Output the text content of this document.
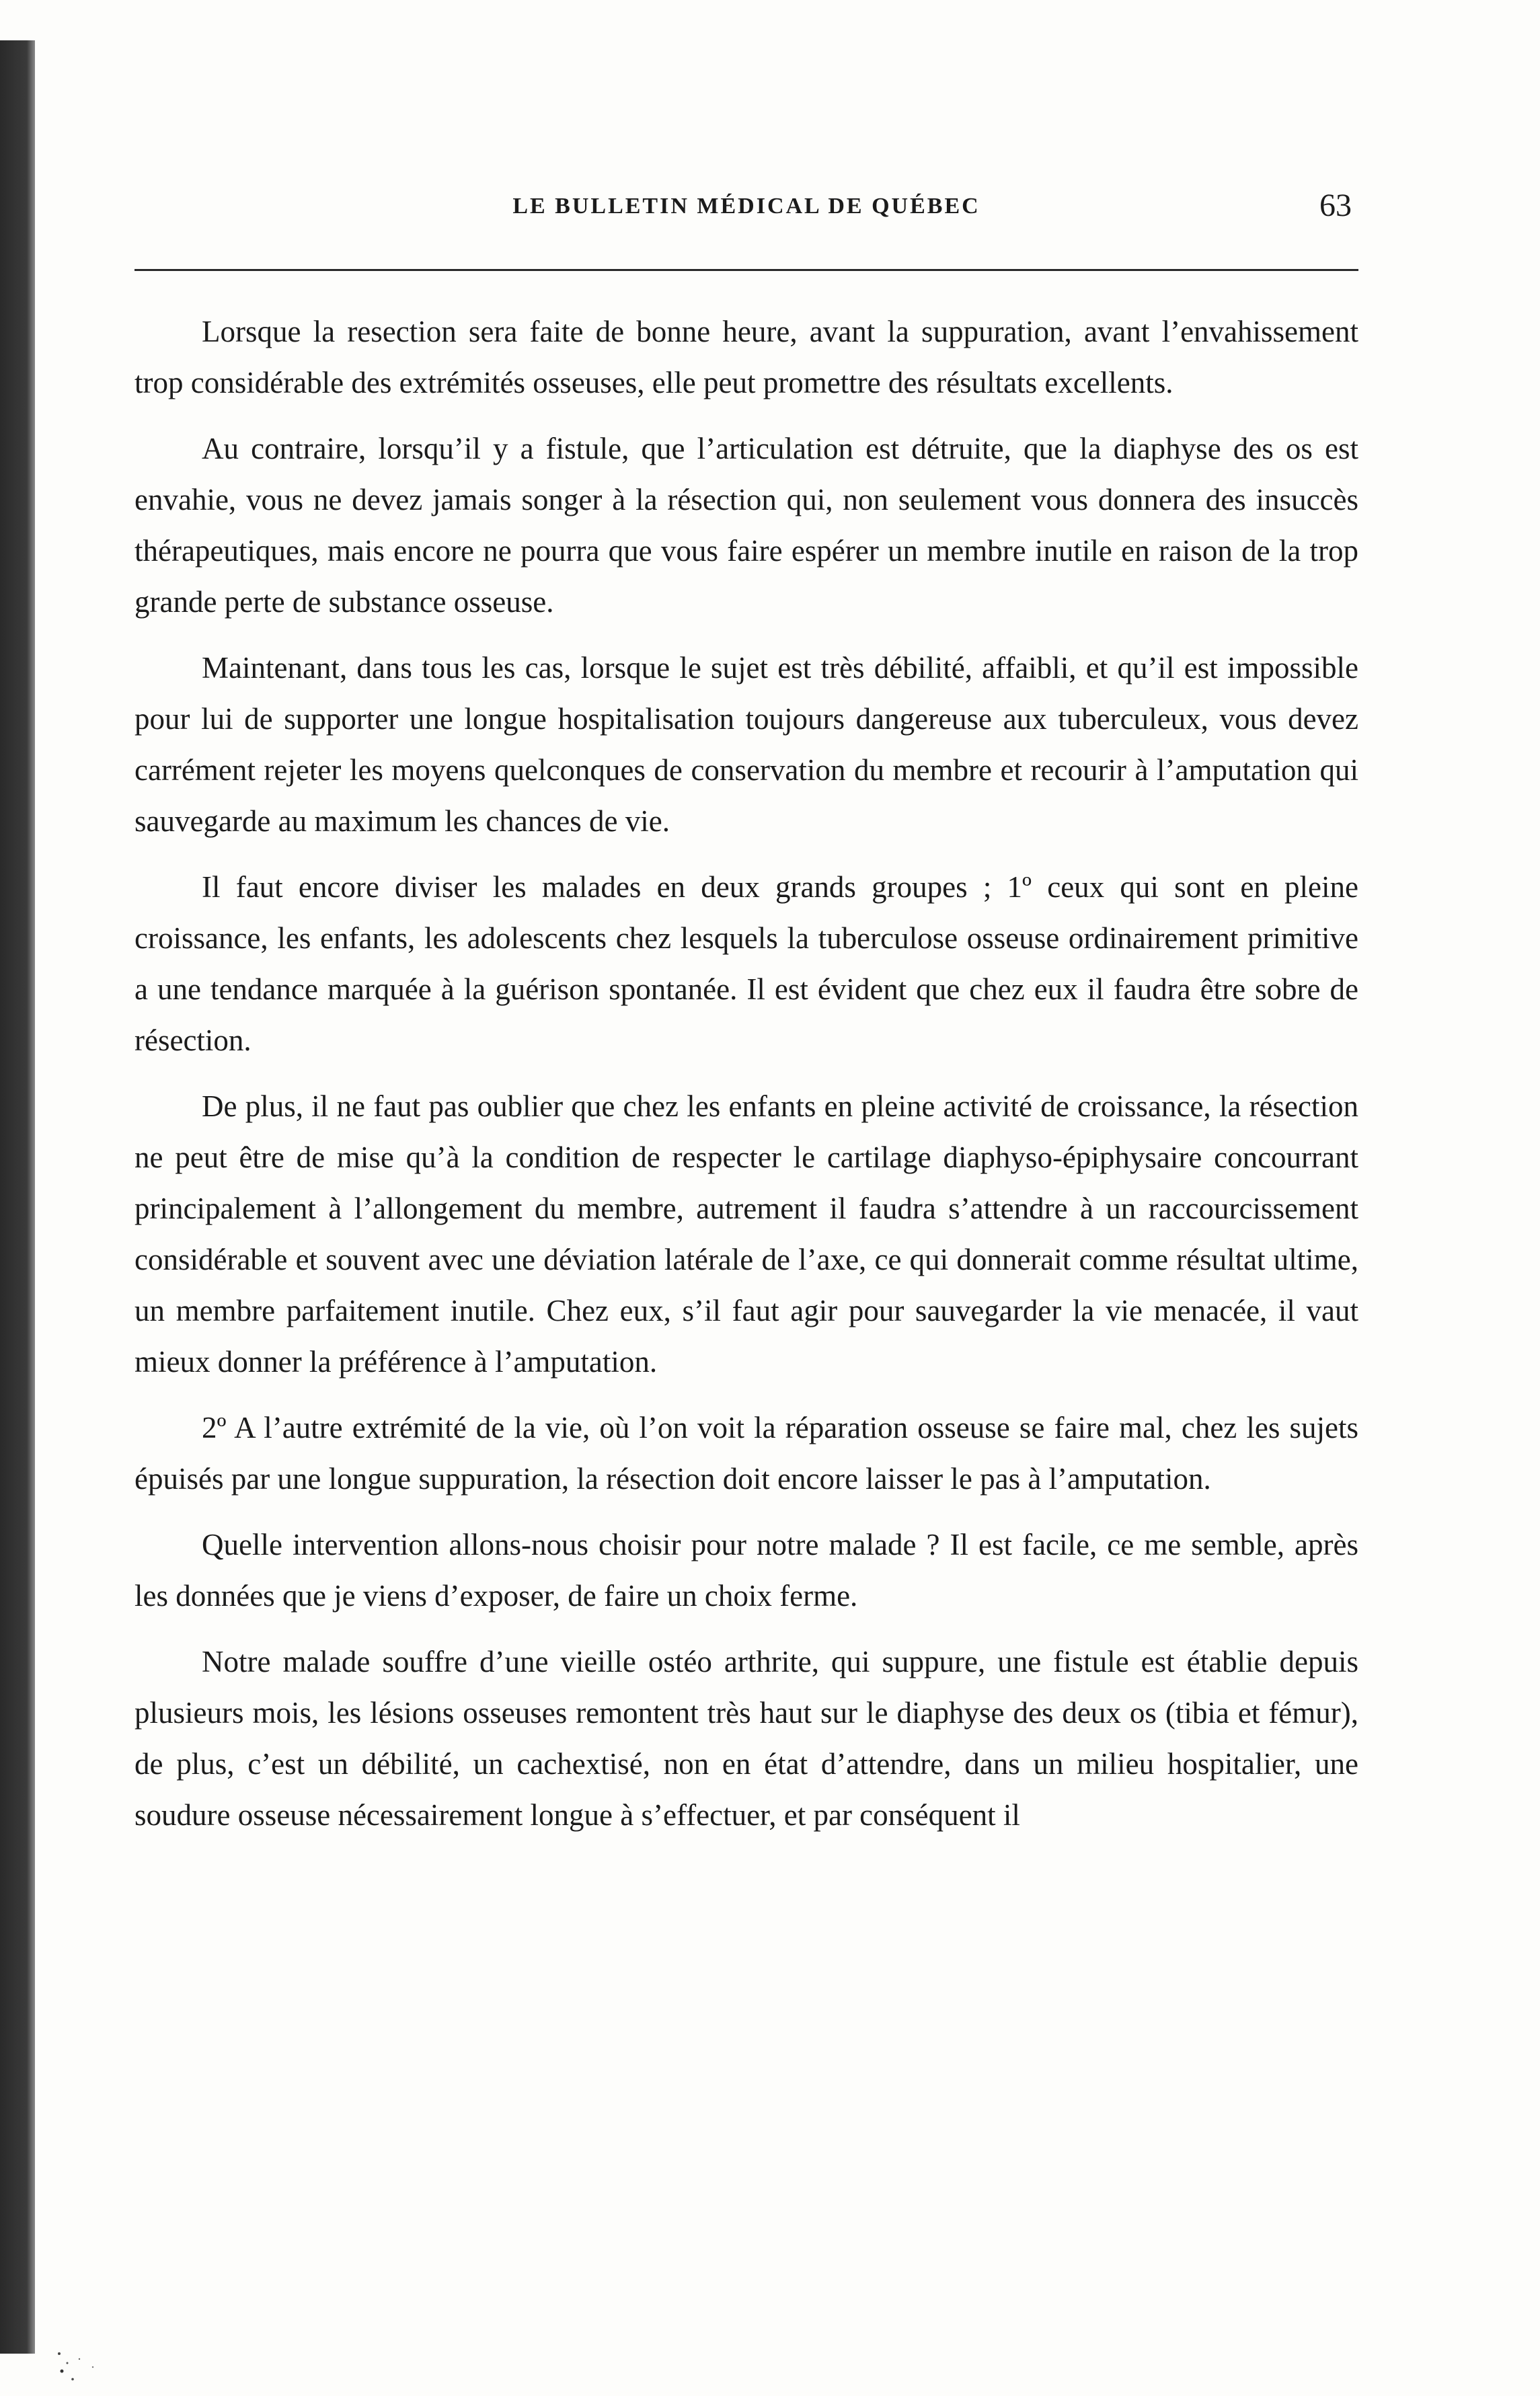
LE BULLETIN MÉDICAL DE QUÉBEC	63

Lorsque la resection sera faite de bonne heure, avant la suppuration, avant l’envahissement trop considérable des extrémités osseuses, elle peut promettre des résultats excellents.

Au contraire, lorsqu’il y a fistule, que l’articulation est détruite, que la diaphyse des os est envahie, vous ne devez jamais songer à la résection qui, non seulement vous donnera des insuccès thérapeutiques, mais encore ne pourra que vous faire espérer un membre inutile en raison de la trop grande perte de substance osseuse.

Maintenant, dans tous les cas, lorsque le sujet est très débilité, affaibli, et qu’il est impossible pour lui de supporter une longue hospitalisation toujours dangereuse aux tuberculeux, vous devez carrément rejeter les moyens quelconques de conservation du membre et recourir à l’amputation qui sauvegarde au maximum les chances de vie.

Il faut encore diviser les malades en deux grands groupes ; 1º ceux qui sont en pleine croissance, les enfants, les adolescents chez lesquels la tuberculose osseuse ordinairement primitive a une tendance marquée à la guérison spontanée. Il est évident que chez eux il faudra être sobre de résection.

De plus, il ne faut pas oublier que chez les enfants en pleine activité de croissance, la résection ne peut être de mise qu’à la condition de respecter le cartilage diaphyso-épiphysaire concourrant principalement à l’allongement du membre, autrement il faudra s’attendre à un raccourcissement considérable et souvent avec une déviation latérale de l’axe, ce qui donnerait comme résultat ultime, un membre parfaitement inutile. Chez eux, s’il faut agir pour sauvegarder la vie menacée, il vaut mieux donner la préférence à l’amputation.

2º A l’autre extrémité de la vie, où l’on voit la réparation osseuse se faire mal, chez les sujets épuisés par une longue suppuration, la résection doit encore laisser le pas à l’amputation.

Quelle intervention allons-nous choisir pour notre malade ? Il est facile, ce me semble, après les données que je viens d’exposer, de faire un choix ferme.

Notre malade souffre d’une vieille ostéo arthrite, qui suppure, une fistule est établie depuis plusieurs mois, les lésions osseuses remontent très haut sur le diaphyse des deux os (tibia et fémur), de plus, c’est un débilité, un cachextisé, non en état d’attendre, dans un milieu hospitalier, une soudure osseuse nécessairement longue à s’effectuer, et par conséquent il
